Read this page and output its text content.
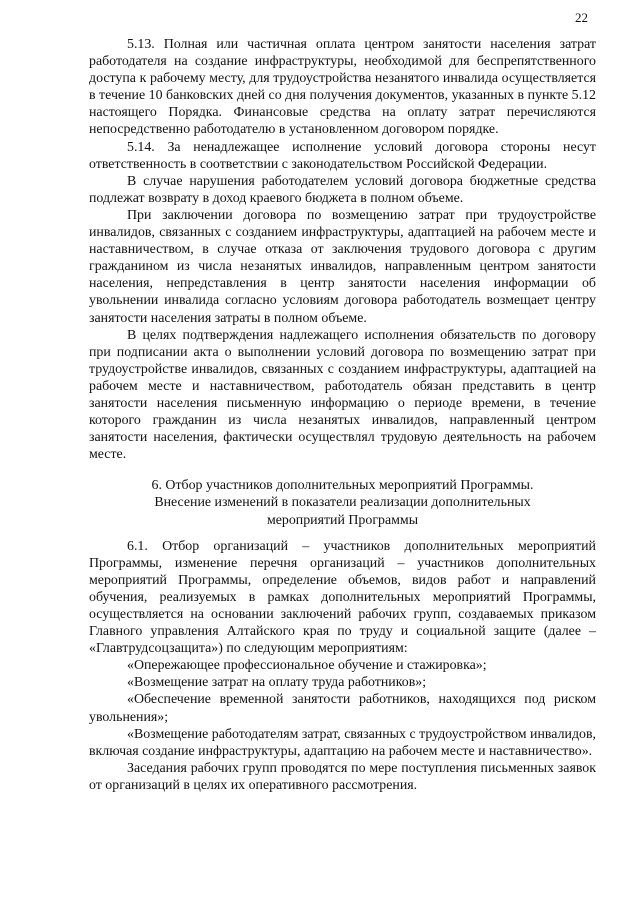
22

5.13. Полная или частичная оплата центром занятости населения затрат работодателя на создание инфраструктуры, необходимой для беспрепятственного доступа к рабочему месту, для трудоустройства незанятого инвалида осуществляется в течение 10 банковских дней со дня получения документов, указанных в пункте 5.12 настоящего Порядка. Финансовые средства на оплату затрат перечисляются непосредственно работодателю в установленном договором порядке.

5.14. За ненадлежащее исполнение условий договора стороны несут ответственность в соответствии с законодательством Российской Федерации.

В случае нарушения работодателем условий договора бюджетные средства подлежат возврату в доход краевого бюджета в полном объеме.

При заключении договора по возмещению затрат при трудоустройстве инвалидов, связанных с созданием инфраструктуры, адаптацией на рабочем месте и наставничеством, в случае отказа от заключения трудового договора с другим гражданином из числа незанятых инвалидов, направленным центром занятости населения, непредставления в центр занятости населения информации об увольнении инвалида согласно условиям договора работодатель возмещает центру занятости населения затраты в полном объеме.

В целях подтверждения надлежащего исполнения обязательств по договору при подписании акта о выполнении условий договора по возмещению затрат при трудоустройстве инвалидов, связанных с созданием инфраструктуры, адаптацией на рабочем месте и наставничеством, работодатель обязан представить в центр занятости населения письменную информацию о периоде времени, в течение которого гражданин из числа незанятых инвалидов, направленный центром занятости населения, фактически осуществлял трудовую деятельность на рабочем месте.

6. Отбор участников дополнительных мероприятий Программы.

Внесение изменений в показатели реализации дополнительных

мероприятий Программы

6.1. Отбор организаций – участников дополнительных мероприятий Программы, изменение перечня организаций – участников дополнительных мероприятий Программы, определение объемов, видов работ и направлений обучения, реализуемых в рамках дополнительных мероприятий Программы, осуществляется на основании заключений рабочих групп, создаваемых приказом Главного управления Алтайского края по труду и социальной защите (далее – «Главтрудсоцзащита») по следующим мероприятиям:

«Опережающее профессиональное обучение и стажировка»;

«Возмещение затрат на оплату труда работников»;

«Обеспечение временной занятости работников, находящихся под риском увольнения»;

«Возмещение работодателям затрат, связанных с трудоустройством инвалидов, включая создание инфраструктуры, адаптацию на рабочем месте и наставничество».

Заседания рабочих групп проводятся по мере поступления письменных заявок от организаций в целях их оперативного рассмотрения.
